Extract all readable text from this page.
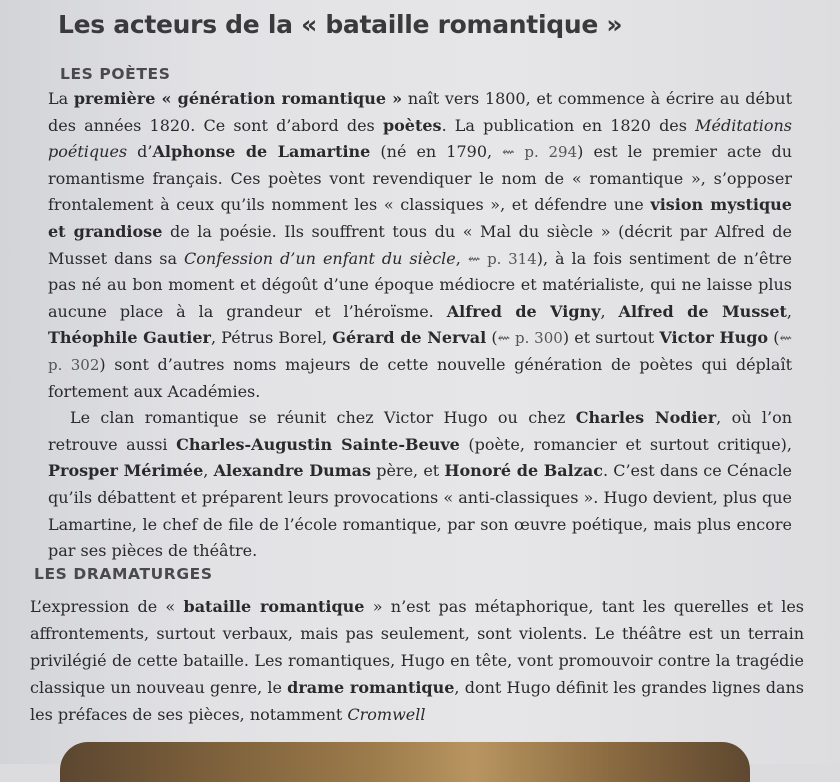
Les acteurs de la « bataille romantique »
LES POÈTES

La première « génération romantique » naît vers 1800, et commence à écrire au début des années 1820. Ce sont d’abord des poètes. La publication en 1820 des Méditations poétiques d’Alphonse de Lamartine (né en 1790, ⇜ p. 294) est le premier acte du romantisme français. Ces poètes vont revendiquer le nom de « romantique », s’opposer frontalement à ceux qu’ils nomment les « classiques », et défendre une vision mystique et grandiose de la poésie. Ils souffrent tous du « Mal du siècle » (décrit par Alfred de Musset dans sa Confession d’un enfant du siècle, ⇜ p. 314), à la fois sentiment de n’être pas né au bon moment et dégoût d’une époque médiocre et matérialiste, qui ne laisse plus aucune place à la grandeur et l’héroïsme. Alfred de Vigny, Alfred de Musset, Théophile Gautier, Pétrus Borel, Gérard de Nerval (⇜ p. 300) et surtout Victor Hugo (⇜ p. 302) sont d’autres noms majeurs de cette nouvelle génération de poètes qui déplaît fortement aux Académies.

Le clan romantique se réunit chez Victor Hugo ou chez Charles Nodier, où l’on retrouve aussi Charles-Augustin Sainte-Beuve (poète, romancier et surtout critique), Prosper Mérimée, Alexandre Dumas père, et Honoré de Balzac. C’est dans ce Cénacle qu’ils débattent et préparent leurs provocations « anti-classiques ». Hugo devient, plus que Lamartine, le chef de file de l’école romantique, par son œuvre poétique, mais plus encore par ses pièces de théâtre.

LES DRAMATURGES

L’expression de « bataille romantique » n’est pas métaphorique, tant les querelles et les affrontements, surtout verbaux, mais pas seulement, sont violents. Le théâtre est un terrain privilégié de cette bataille. Les romantiques, Hugo en tête, vont promouvoir contre la tragédie classique un nouveau genre, le drame romantique, dont Hugo définit les grandes lignes dans les préfaces de ses pièces, notamment Cromwell
